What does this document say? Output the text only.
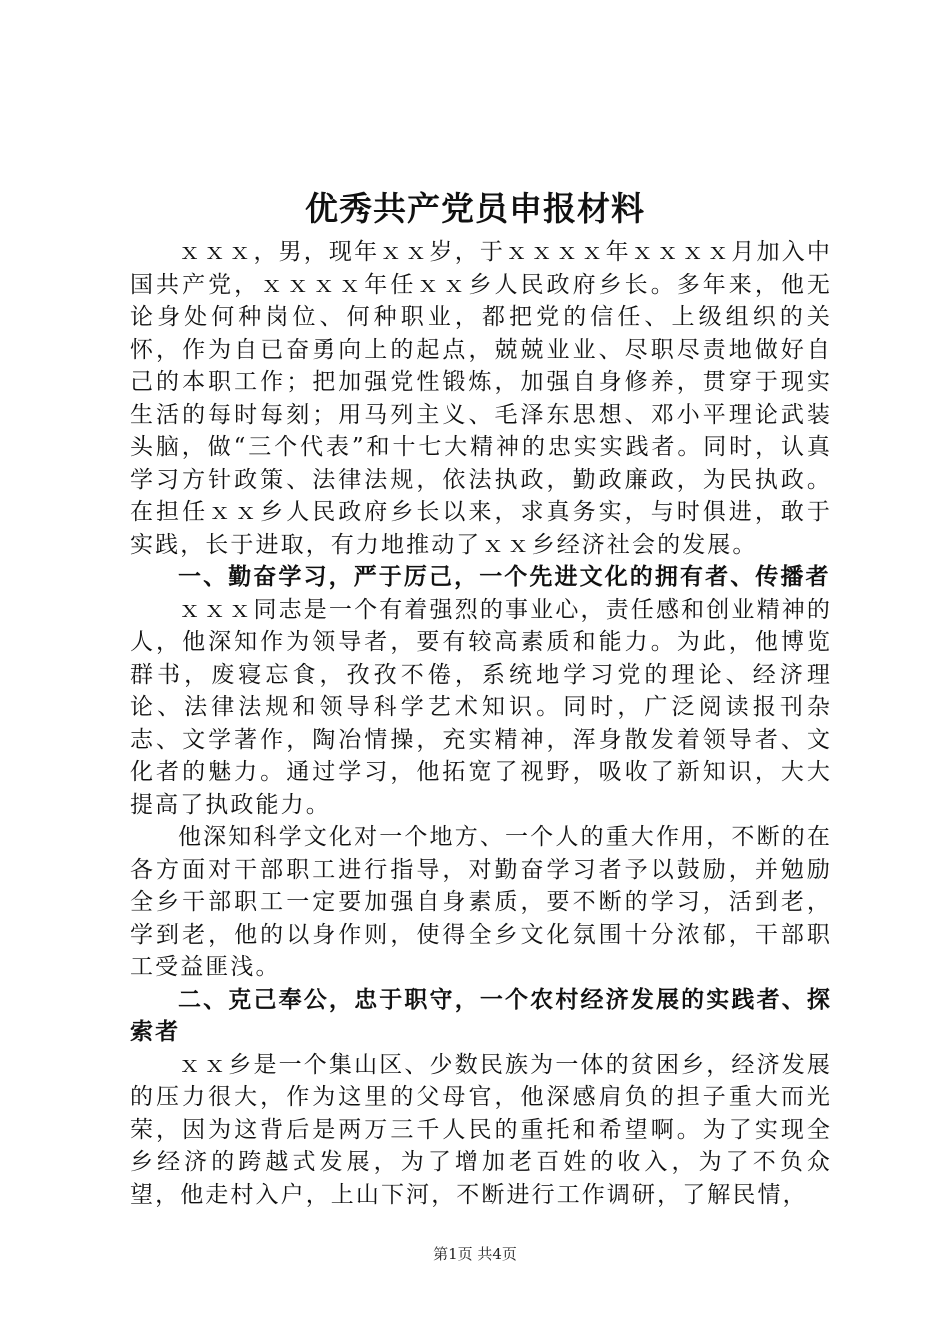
优秀共产党员申报材料

ｘｘｘ，男，现年ｘｘ岁，于ｘｘｘｘ年ｘｘｘｘ月加入中国共产党，ｘｘｘｘ年任ｘｘ乡人民政府乡长。多年来，他无论身处何种岗位、何种职业，都把党的信任、上级组织的关怀，作为自已奋勇向上的起点，兢兢业业、尽职尽责地做好自己的本职工作；把加强党性锻炼，加强自身修养，贯穿于现实生活的每时每刻；用马列主义、毛泽东思想、邓小平理论武装头脑，做“三个代表”和十七大精神的忠实实践者。同时，认真学习方针政策、法律法规，依法执政，勤政廉政，为民执政。在担任ｘｘ乡人民政府乡长以来，求真务实，与时俱进，敢于实践，长于进取，有力地推动了ｘｘ乡经济社会的发展。

一、勤奋学习，严于厉己，一个先进文化的拥有者、传播者

ｘｘｘ同志是一个有着强烈的事业心，责任感和创业精神的人，他深知作为领导者，要有较高素质和能力。为此，他博览群书，废寝忘食，孜孜不倦，系统地学习党的理论、经济理论、法律法规和领导科学艺术知识。同时，广泛阅读报刊杂志、文学著作，陶冶情操，充实精神，浑身散发着领导者、文化者的魅力。通过学习，他拓宽了视野，吸收了新知识，大大提高了执政能力。

他深知科学文化对一个地方、一个人的重大作用，不断的在各方面对干部职工进行指导，对勤奋学习者予以鼓励，并勉励全乡干部职工一定要加强自身素质，要不断的学习，活到老，学到老，他的以身作则，使得全乡文化氛围十分浓郁，干部职工受益匪浅。

二、克己奉公，忠于职守，一个农村经济发展的实践者、探索者

ｘｘ乡是一个集山区、少数民族为一体的贫困乡，经济发展的压力很大，作为这里的父母官，他深感肩负的担子重大而光荣，因为这背后是两万三千人民的重托和希望啊。为了实现全乡经济的跨越式发展，为了增加老百姓的收入，为了不负众望，他走村入户，上山下河，不断进行工作调研，了解民情，

第1页 共4页
